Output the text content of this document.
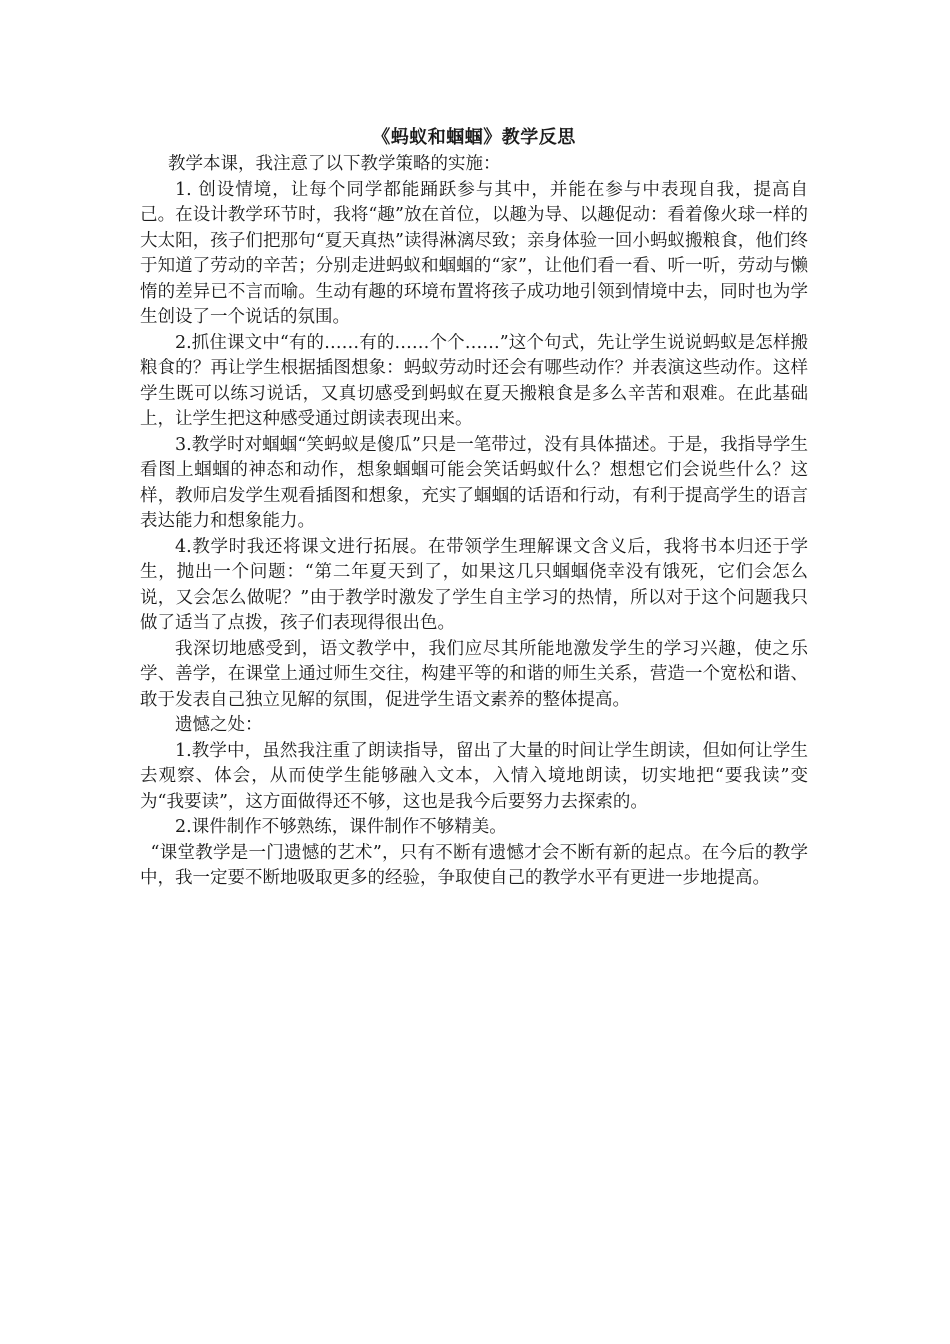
《蚂蚁和蝈蝈》教学反思

教学本课，我注意了以下教学策略的实施：

1. 创设情境，让每个同学都能踊跃参与其中，并能在参与中表现自我，提高自己。在设计教学环节时，我将“趣”放在首位，以趣为导、以趣促动：看着像火球一样的大太阳，孩子们把那句“夏天真热”读得淋漓尽致；亲身体验一回小蚂蚁搬粮食，他们终于知道了劳动的辛苦；分别走进蚂蚁和蝈蝈的“家”，让他们看一看、听一听，劳动与懒惰的差异已不言而喻。生动有趣的环境布置将孩子成功地引领到情境中去，同时也为学生创设了一个说话的氛围。

2.抓住课文中“有的……有的……个个……”这个句式，先让学生说说蚂蚁是怎样搬粮食的？再让学生根据插图想象：蚂蚁劳动时还会有哪些动作？并表演这些动作。这样学生既可以练习说话，又真切感受到蚂蚁在夏天搬粮食是多么辛苦和艰难。在此基础上，让学生把这种感受通过朗读表现出来。

3.教学时对蝈蝈“笑蚂蚁是傻瓜”只是一笔带过，没有具体描述。于是，我指导学生看图上蝈蝈的神态和动作，想象蝈蝈可能会笑话蚂蚁什么？想想它们会说些什么？这样，教师启发学生观看插图和想象，充实了蝈蝈的话语和行动，有利于提高学生的语言表达能力和想象能力。

4.教学时我还将课文进行拓展。在带领学生理解课文含义后，我将书本归还于学生，抛出一个问题：“第二年夏天到了，如果这几只蝈蝈侥幸没有饿死，它们会怎么说，又会怎么做呢？”由于教学时激发了学生自主学习的热情，所以对于这个问题我只做了适当了点拨，孩子们表现得很出色。

我深切地感受到，语文教学中，我们应尽其所能地激发学生的学习兴趣，使之乐学、善学，在课堂上通过师生交往，构建平等的和谐的师生关系，营造一个宽松和谐、敢于发表自己独立见解的氛围，促进学生语文素养的整体提高。

遗憾之处：

1.教学中，虽然我注重了朗读指导，留出了大量的时间让学生朗读，但如何让学生去观察、体会，从而使学生能够融入文本，入情入境地朗读，切实地把“要我读”变为“我要读”，这方面做得还不够，这也是我今后要努力去探索的。

2.课件制作不够熟练，课件制作不够精美。

“课堂教学是一门遗憾的艺术”，只有不断有遗憾才会不断有新的起点。在今后的教学中，我一定要不断地吸取更多的经验，争取使自己的教学水平有更进一步地提高。
